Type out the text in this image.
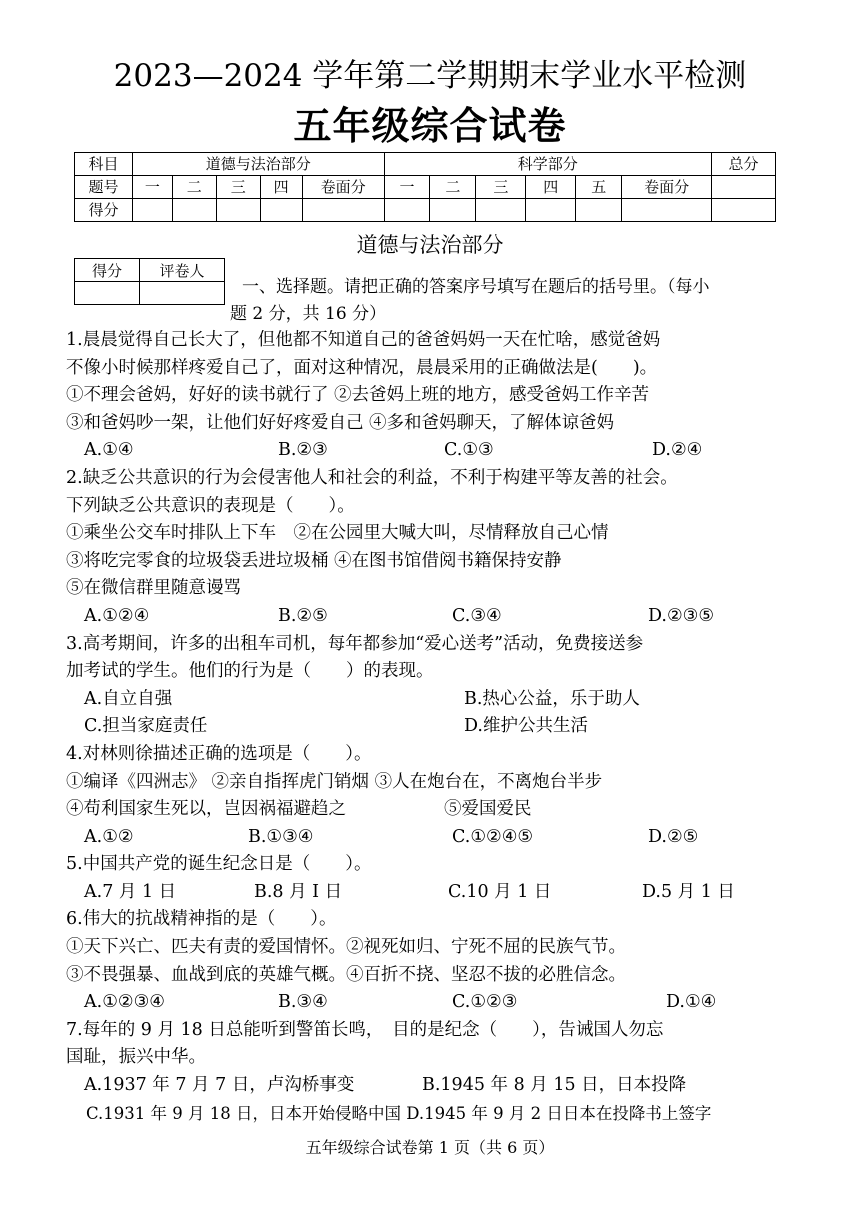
2023—2024 学年第二学期期末学业水平检测
五年级综合试卷
科目	道德与法治部分					科学部分						总分
题号	一	二	三	四	卷面分	一	二	三	四	五	卷面分	
得分												
道德与法治部分
得分	评卷人

一、选择题。请把正确的答案序号填写在题后的括号里。（每小
题 2 分，共 16 分）
1.晨晨觉得自己长大了，但他都不知道自己的爸爸妈妈一天在忙啥，感觉爸妈
不像小时候那样疼爱自己了，面对这种情况，晨晨采用的正确做法是(　　)。
①不理会爸妈，好好的读书就行了 ②去爸妈上班的地方，感受爸妈工作辛苦
③和爸妈吵一架，让他们好好疼爱自己 ④多和爸妈聊天，了解体谅爸妈
A.①④	B.②③	C.①③	D.②④
2.缺乏公共意识的行为会侵害他人和社会的利益，不利于构建平等友善的社会。
下列缺乏公共意识的表现是（　　）。
①乘坐公交车时排队上下车　②在公园里大喊大叫，尽情释放自己心情
③将吃完零食的垃圾袋丢进垃圾桶 ④在图书馆借阅书籍保持安静
⑤在微信群里随意谩骂
A.①②④	B.②⑤	C.③④	D.②③⑤
3.高考期间，许多的出租车司机，每年都参加“爱心送考”活动，免费接送参
加考试的学生。他们的行为是（　　）的表现。
A.自立自强	B.热心公益，乐于助人
C.担当家庭责任	D.维护公共生活
4.对林则徐描述正确的选项是（　　）。
①编译《四洲志》 ②亲自指挥虎门销烟 ③人在炮台在，不离炮台半步
④苟利国家生死以，岂因祸福避趋之	⑤爱国爱民
A.①②	B.①③④	C.①②④⑤	D.②⑤
5.中国共产党的诞生纪念日是（　　）。
A.7 月 1 日	B.8 月 I 日	C.10 月 1 日	D.5 月 1 日
6.伟大的抗战精神指的是（　　）。
①天下兴亡、匹夫有责的爱国情怀。②视死如归、宁死不屈的民族气节。
③不畏强暴、血战到底的英雄气概。④百折不挠、坚忍不拔的必胜信念。
A.①②③④	B.③④	C.①②③	D.①④
7.每年的 9 月 18 日总能听到警笛长鸣，　目的是纪念（　　），告诫国人勿忘
国耻，振兴中华。
A.1937 年 7 月 7 日，卢沟桥事变	B.1945 年 8 月 15 日，日本投降
C.1931 年 9 月 18 日，日本开始侵略中国 D.1945 年 9 月 2 日日本在投降书上签字
五年级综合试卷第 1 页（共 6 页）
